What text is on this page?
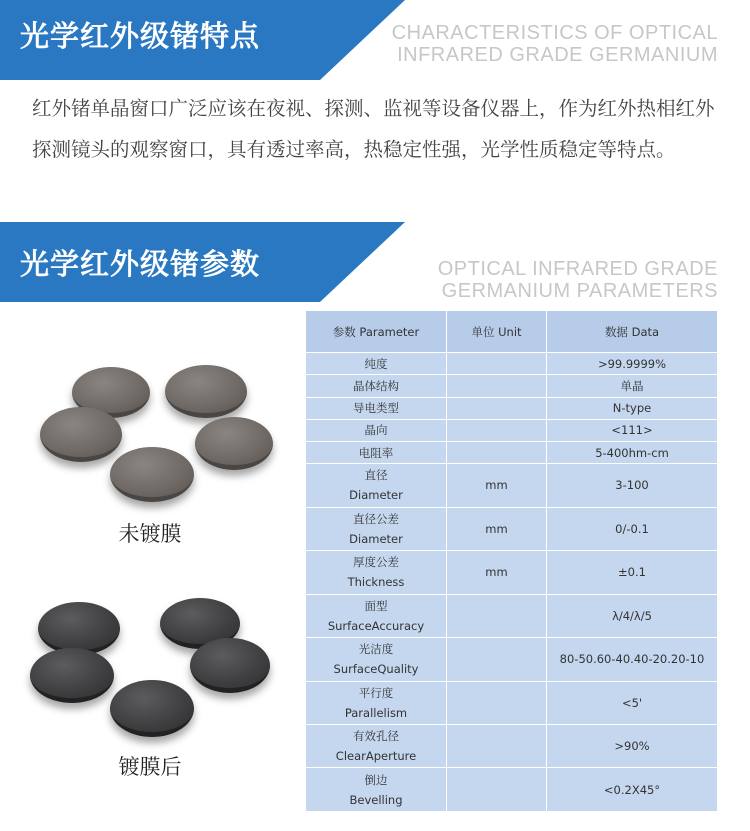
光学红外级锗特点	CHARACTERISTICS OF OPTICAL
INFRARED GRADE GERMANIUM

红外锗单晶窗口广泛应该在夜视、探测、监视等设备仪器上，作为红外热相红外探测镜头的观察窗口，具有透过率高，热稳定性强，光学性质稳定等特点。

光学红外级锗参数	OPTICAL INFRARED GRADE
GERMANIUM PARAMETERS
未镀膜
镀膜后
参数 Parameter	单位 Unit	数据 Data

纯度		>99.9999%

晶体结构		单晶

导电类型		N-type

晶向		<111>

电阻率		5-400hm-cm

直径
Diameter	mm	3-100

直径公差
Diameter	mm	0/-0.1

厚度公差
Thickness	mm	±0.1

面型
SurfaceAccuracy		λ/4/λ/5

光洁度
SurfaceQuality		80-50.60-40.40-20.20-10

平行度
Parallelism		<5'

有效孔径
ClearAperture		>90%

倒边
Bevelling		<0.2X45°
